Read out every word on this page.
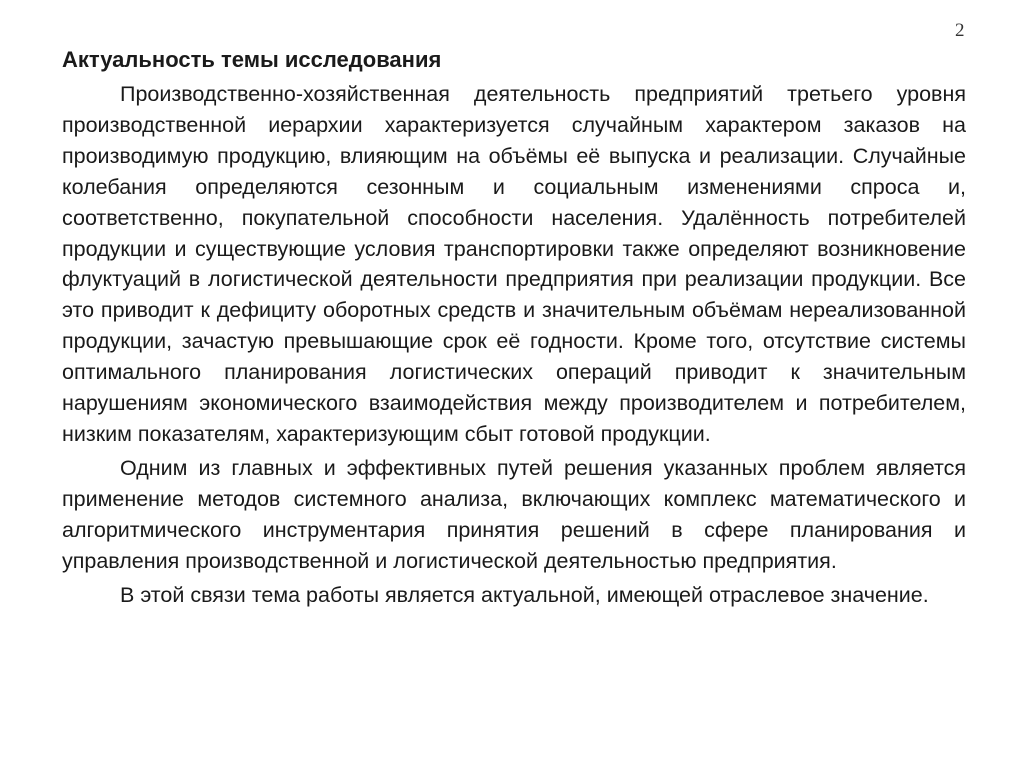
2
Актуальность темы исследования

Производственно-хозяйственная деятельность предприятий третьего уровня производственной иерархии характеризуется случайным характером заказов на производимую продукцию, влияющим на объёмы её выпуска и реализации. Случайные колебания определяются сезонным и социальным изменениями спроса и, соответственно, покупательной способности населения. Удалённость потребителей продукции и существующие условия транспортировки также определяют возникновение флуктуаций в логистической деятельности предприятия при реализации продукции. Все это приводит к дефициту оборотных средств и значительным объёмам нереализованной продукции, зачастую превышающие срок её годности. Кроме того, отсутствие системы оптимального планирования логистических операций приводит к значительным нарушениям экономического взаимодействия между производителем и потребителем, низким показателям, характеризующим сбыт готовой продукции.

Одним из главных и эффективных путей решения указанных проблем является применение методов системного анализа, включающих комплекс математического и алгоритмического инструментария принятия решений в сфере планирования и управления производственной и логистической деятельностью предприятия.

В этой связи тема работы является актуальной, имеющей отраслевое значение.
